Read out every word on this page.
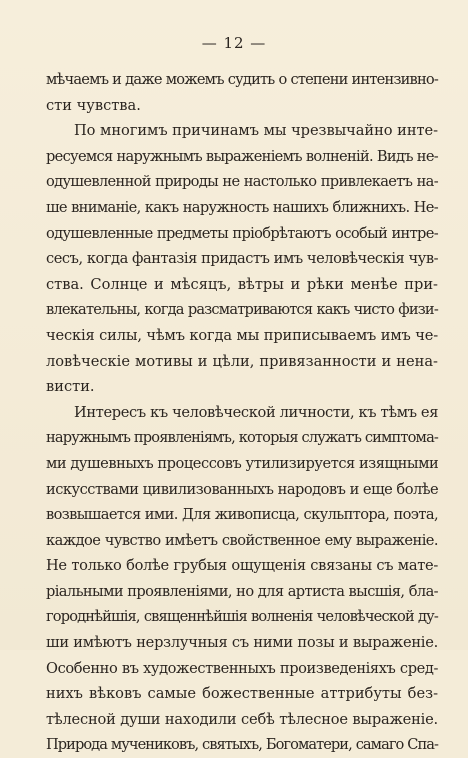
— 12 —
мѣчаемъ и даже можемъ судить о степени интензивно-
сти чувства.
По многимъ причинамъ мы чрезвычайно инте-
ресуемся наружнымъ выраженіемъ волненій. Видъ не-
одушевленной природы не настолько привлекаетъ на-
ше вниманіе, какъ наружность нашихъ ближнихъ. Не-
одушевленные предметы пріобрѣтаютъ особый интре-
сесъ, когда фантазія придастъ имъ человѣческія чув-
ства. Солнце и мѣсяцъ, вѣтры и рѣки менѣе при-
влекательны, когда разсматриваются какъ чисто физи-
ческія силы, чѣмъ когда мы приписываемъ имъ че-
ловѣческіе мотивы и цѣли, привязанности и нена-
висти.
Интересъ къ человѣческой личности, къ тѣмъ ея
наружнымъ проявленіямъ, которыя служатъ симптома-
ми душевныхъ процессовъ утилизируется изящными
искусствами цивилизованныхъ народовъ и еще болѣе
возвышается ими. Для живописца, скульптора, поэта,
каждое чувство имѣетъ свойственное ему выраженіе.
Не только болѣе грубыя ощущенія связаны съ мате-
ріальными проявленіями, но для артиста высшія, бла-
городнѣйшія, священнѣйшія волненія человѣческой ду-
ши имѣютъ нерзлучныя съ ними позы и выраженіе.
Особенно въ художественныхъ произведеніяхъ сред-
нихъ вѣковъ самые божественные аттрибуты без-
тѣлесной души находили себѣ тѣлесное выраженіе.
Природа мучениковъ, святыхъ, Богоматери, самаго Спа-
